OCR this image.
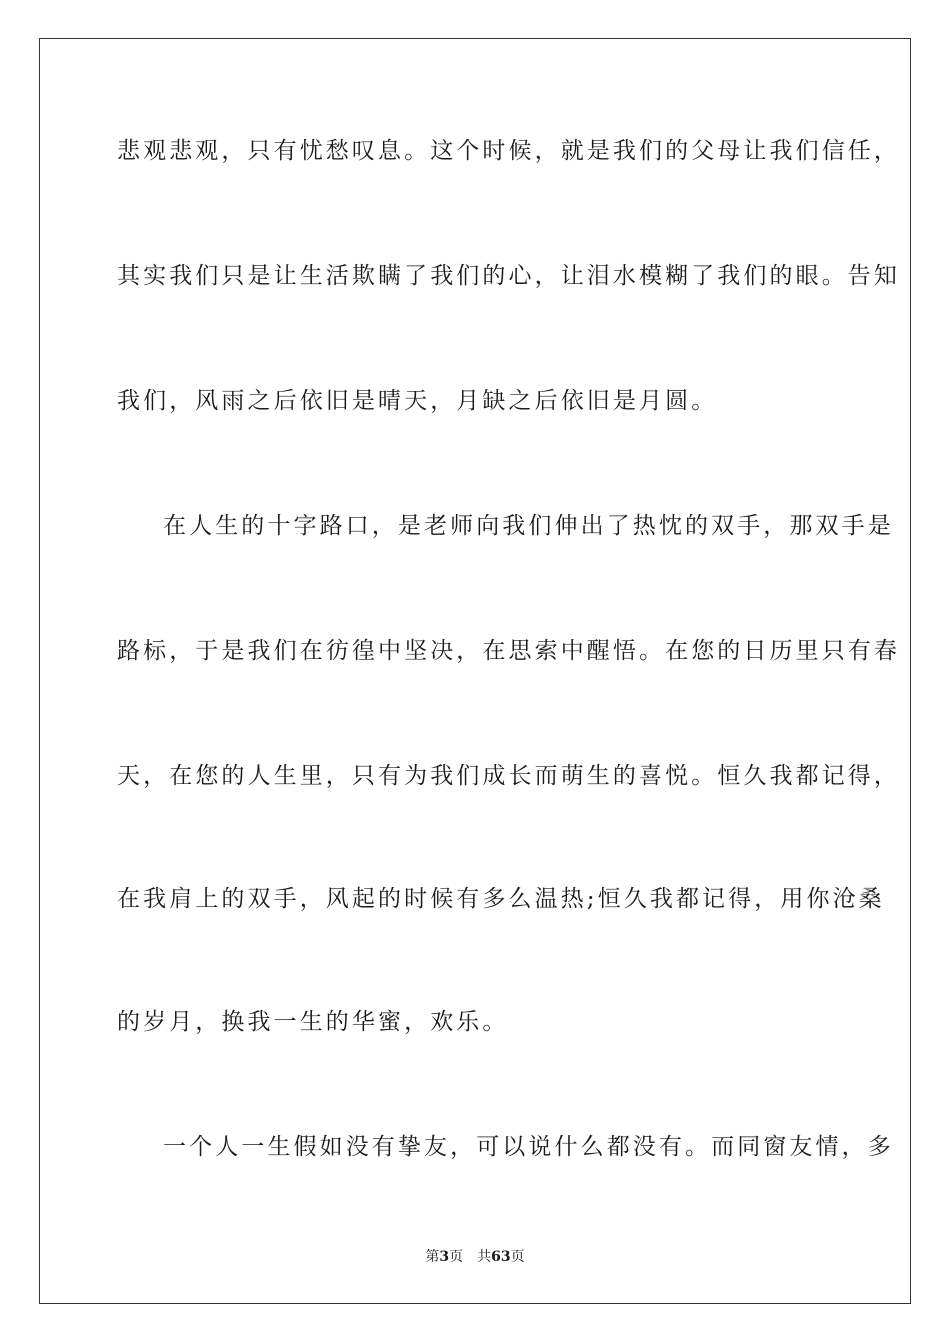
悲观悲观，只有忧愁叹息。这个时候，就是我们的父母让我们信任，
其实我们只是让生活欺瞒了我们的心，让泪水模糊了我们的眼。告知
我们，风雨之后依旧是晴天，月缺之后依旧是月圆。
在人生的十字路口，是老师向我们伸出了热忱的双手，那双手是
路标，于是我们在彷徨中坚决，在思索中醒悟。在您的日历里只有春
天，在您的人生里，只有为我们成长而萌生的喜悦。恒久我都记得，
在我肩上的双手，风起的时候有多么温热;恒久我都记得，用你沧桑
的岁月，换我一生的华蜜，欢乐。
一个人一生假如没有挚友，可以说什么都没有。而同窗友情，多
第3页 共63页
